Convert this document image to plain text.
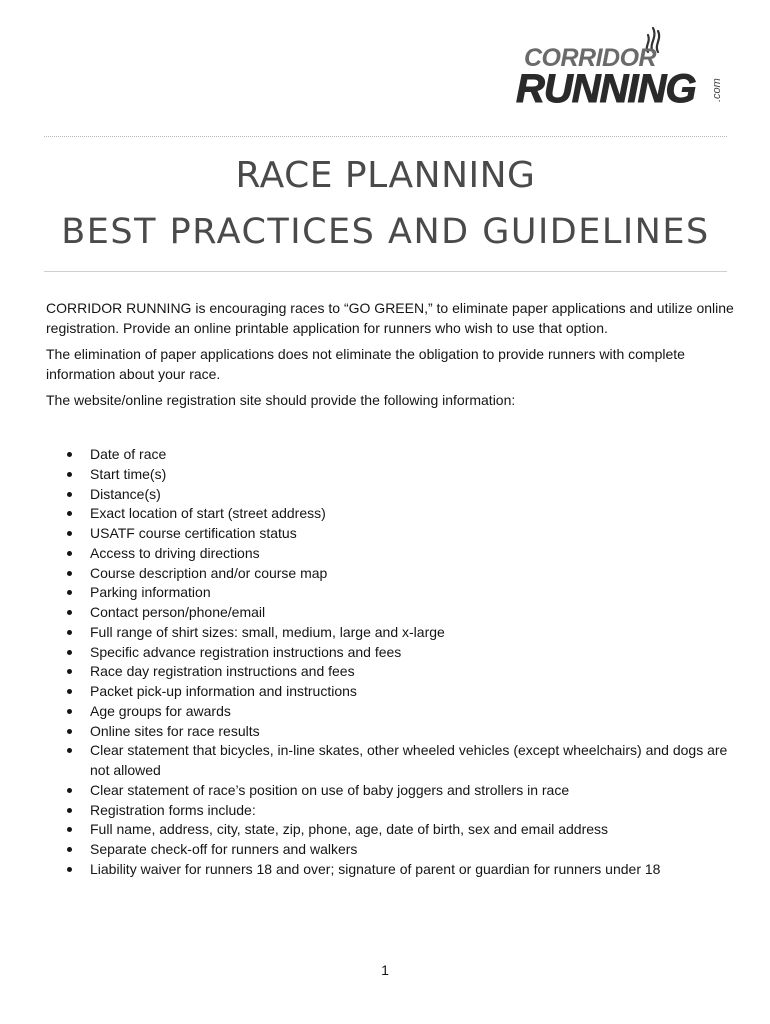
CORRIDOR
RUNNING .com
RACE PLANNING
BEST PRACTICES AND GUIDELINES

CORRIDOR RUNNING is encouraging races to “GO GREEN,” to eliminate paper applications and utilize online registration. Provide an online printable application for runners who wish to use that option.

The elimination of paper applications does not eliminate the obligation to provide runners with complete information about your race.

The website/online registration site should provide the following information:

Date of race
Start time(s)
Distance(s)
Exact location of start (street address)
USATF course certification status
Access to driving directions
Course description and/or course map
Parking information
Contact person/phone/email
Full range of shirt sizes: small, medium, large and x-large
Specific advance registration instructions and fees
Race day registration instructions and fees
Packet pick-up information and instructions
Age groups for awards
Online sites for race results
Clear statement that bicycles, in-line skates, other wheeled vehicles (except wheelchairs) and dogs are not allowed
Clear statement of race’s position on use of baby joggers and strollers in race
Registration forms include:
Full name, address, city, state, zip, phone, age, date of birth, sex and email address
Separate check-off for runners and walkers
Liability waiver for runners 18 and over; signature of parent or guardian for runners under 18
1
